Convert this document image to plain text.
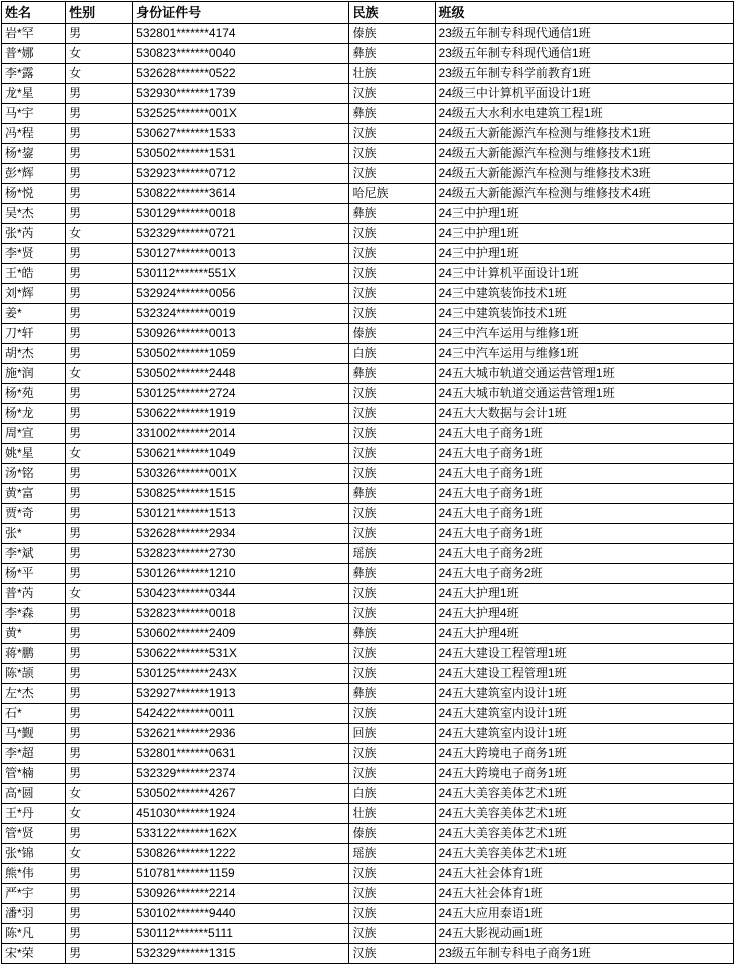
姓名	性别	身份证件号	民族	班级
岩*罕	男	532801*******4174	傣族	23级五年制专科现代通信1班
普*娜	女	530823*******0040	彝族	23级五年制专科现代通信1班
李*露	女	532628*******0522	壮族	23级五年制专科学前教育1班
龙*星	男	532930*******1739	汉族	24级三中计算机平面设计1班
马*宇	男	532525*******001X	彝族	24级五大水利水电建筑工程1班
冯*程	男	530627*******1533	汉族	24级五大新能源汽车检测与维修技术1班
杨*鋆	男	530502*******1531	汉族	24级五大新能源汽车检测与维修技术1班
彭*辉	男	532923*******0712	汉族	24级五大新能源汽车检测与维修技术3班
杨*悦	男	530822*******3614	哈尼族	24级五大新能源汽车检测与维修技术4班
吴*杰	男	530129*******0018	彝族	24三中护理1班
张*芮	女	532329*******0721	汉族	24三中护理1班
李*贤	男	530127*******0013	汉族	24三中护理1班
王*皓	男	530112*******551X	汉族	24三中计算机平面设计1班
刘*辉	男	532924*******0056	汉族	24三中建筑装饰技术1班
姜*	男	532324*******0019	汉族	24三中建筑装饰技术1班
刀*轩	男	530926*******0013	傣族	24三中汽车运用与维修1班
胡*杰	男	530502*******1059	白族	24三中汽车运用与维修1班
施*润	女	530502*******2448	彝族	24五大城市轨道交通运营管理1班
杨*苑	男	530125*******2724	汉族	24五大城市轨道交通运营管理1班
杨*龙	男	530622*******1919	汉族	24五大大数据与会计1班
周*宣	男	331002*******2014	汉族	24五大电子商务1班
姚*星	女	530621*******1049	汉族	24五大电子商务1班
汤*铭	男	530326*******001X	汉族	24五大电子商务1班
黄*富	男	530825*******1515	彝族	24五大电子商务1班
贾*奇	男	530121*******1513	汉族	24五大电子商务1班
张*	男	532628*******2934	汉族	24五大电子商务1班
李*斌	男	532823*******2730	瑶族	24五大电子商务2班
杨*平	男	530126*******1210	彝族	24五大电子商务2班
普*芮	女	530423*******0344	汉族	24五大护理1班
李*森	男	532823*******0018	汉族	24五大护理4班
黄*	男	530602*******2409	彝族	24五大护理4班
蒋*鹏	男	530622*******531X	汉族	24五大建设工程管理1班
陈*颉	男	530125*******243X	汉族	24五大建设工程管理1班
左*杰	男	532927*******1913	彝族	24五大建筑室内设计1班
石*	男	542422*******0011	汉族	24五大建筑室内设计1班
马*觐	男	532621*******2936	回族	24五大建筑室内设计1班
李*超	男	532801*******0631	汉族	24五大跨境电子商务1班
管*楠	男	532329*******2374	汉族	24五大跨境电子商务1班
高*圆	女	530502*******4267	白族	24五大美容美体艺术1班
王*丹	女	451030*******1924	壮族	24五大美容美体艺术1班
管*贤	男	533122*******162X	傣族	24五大美容美体艺术1班
张*锦	女	530826*******1222	瑶族	24五大美容美体艺术1班
熊*伟	男	510781*******1159	汉族	24五大社会体育1班
严*宇	男	530926*******2214	汉族	24五大社会体育1班
潘*羽	男	530102*******9440	汉族	24五大应用泰语1班
陈*凡	男	530112*******5111	汉族	24五大影视动画1班
宋*荣	男	532329*******1315	汉族	23级五年制专科电子商务1班
